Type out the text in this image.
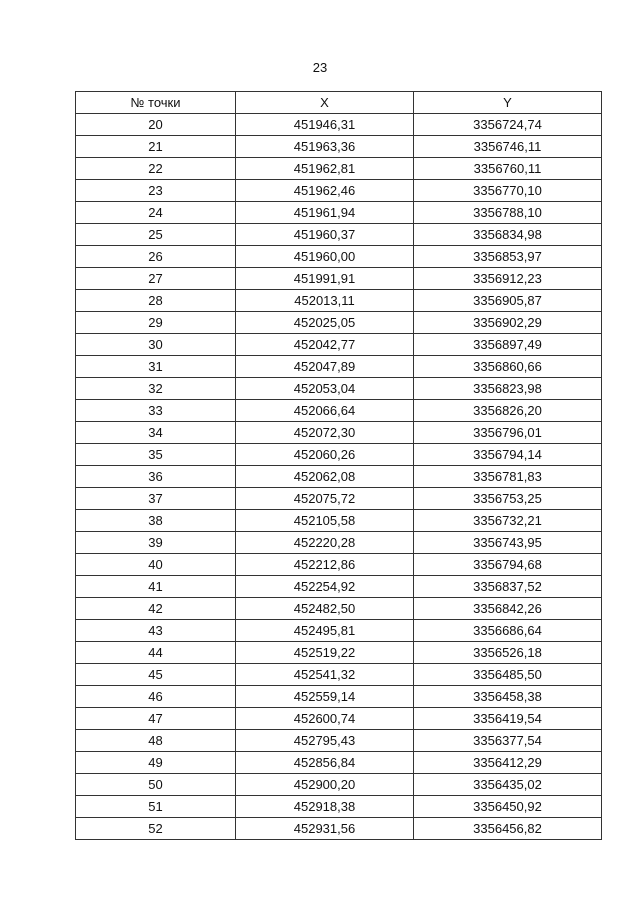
23
№ точки	X	Y
20	451946,31	3356724,74
21	451963,36	3356746,11
22	451962,81	3356760,11
23	451962,46	3356770,10
24	451961,94	3356788,10
25	451960,37	3356834,98
26	451960,00	3356853,97
27	451991,91	3356912,23
28	452013,11	3356905,87
29	452025,05	3356902,29
30	452042,77	3356897,49
31	452047,89	3356860,66
32	452053,04	3356823,98
33	452066,64	3356826,20
34	452072,30	3356796,01
35	452060,26	3356794,14
36	452062,08	3356781,83
37	452075,72	3356753,25
38	452105,58	3356732,21
39	452220,28	3356743,95
40	452212,86	3356794,68
41	452254,92	3356837,52
42	452482,50	3356842,26
43	452495,81	3356686,64
44	452519,22	3356526,18
45	452541,32	3356485,50
46	452559,14	3356458,38
47	452600,74	3356419,54
48	452795,43	3356377,54
49	452856,84	3356412,29
50	452900,20	3356435,02
51	452918,38	3356450,92
52	452931,56	3356456,82
